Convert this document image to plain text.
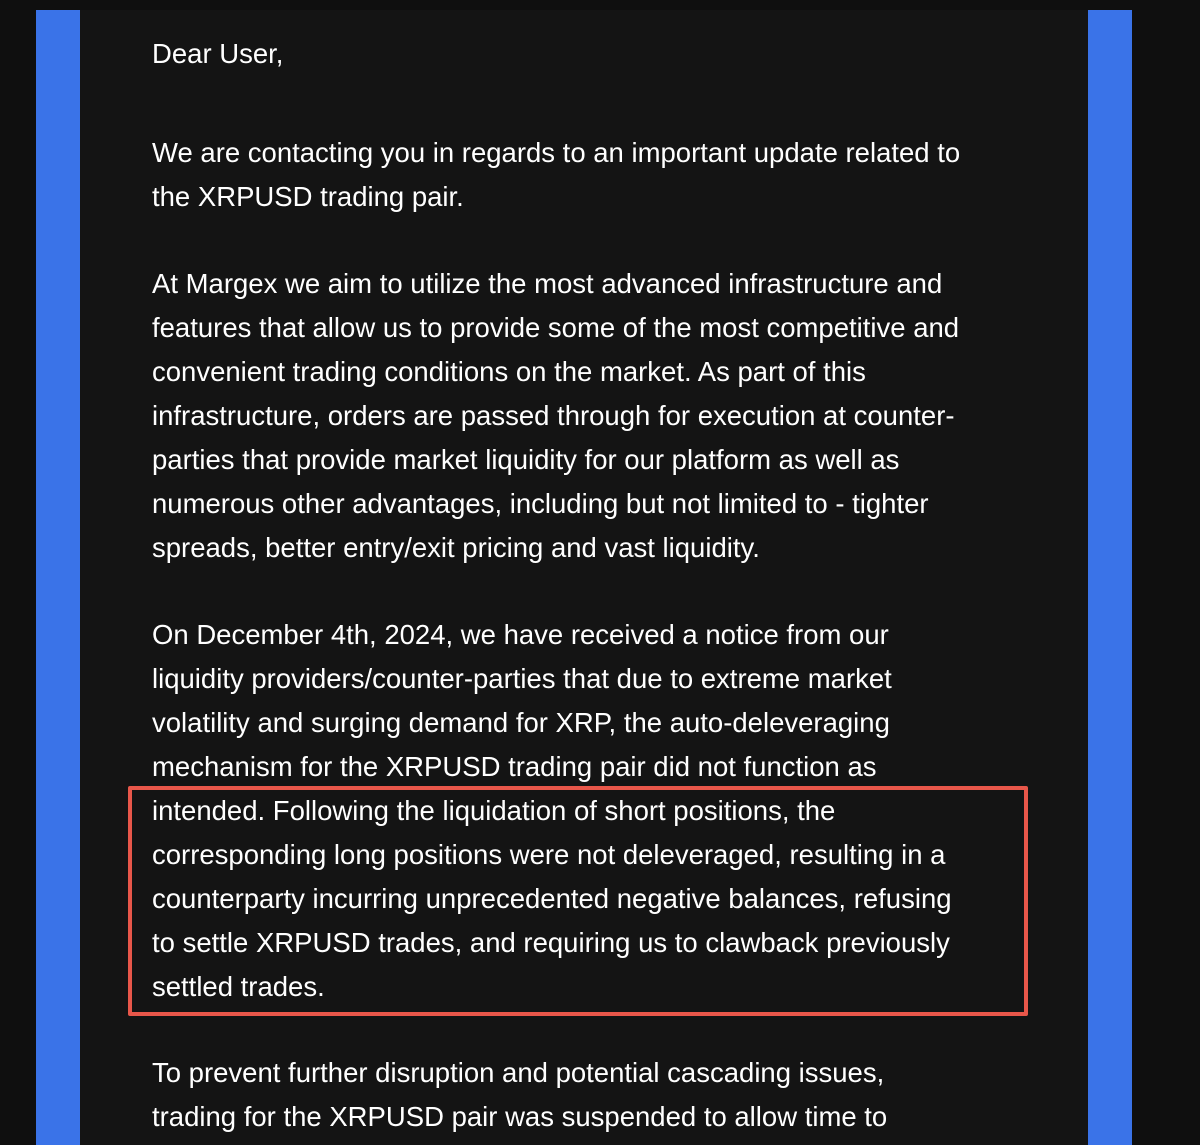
Dear User,
We are contacting you in regards to an important update related to
the XRPUSD trading pair.
At Margex we aim to utilize the most advanced infrastructure and
features that allow us to provide some of the most competitive and
convenient trading conditions on the market. As part of this
infrastructure, orders are passed through for execution at counter-
parties that provide market liquidity for our platform as well as
numerous other advantages, including but not limited to - tighter
spreads, better entry/exit pricing and vast liquidity.
On December 4th, 2024, we have received a notice from our
liquidity providers/counter-parties that due to extreme market
volatility and surging demand for XRP, the auto-deleveraging
mechanism for the XRPUSD trading pair did not function as
intended. Following the liquidation of short positions, the
corresponding long positions were not deleveraged, resulting in a
counterparty incurring unprecedented negative balances, refusing
to settle XRPUSD trades, and requiring us to clawback previously
settled trades.
To prevent further disruption and potential cascading issues,
trading for the XRPUSD pair was suspended to allow time to
